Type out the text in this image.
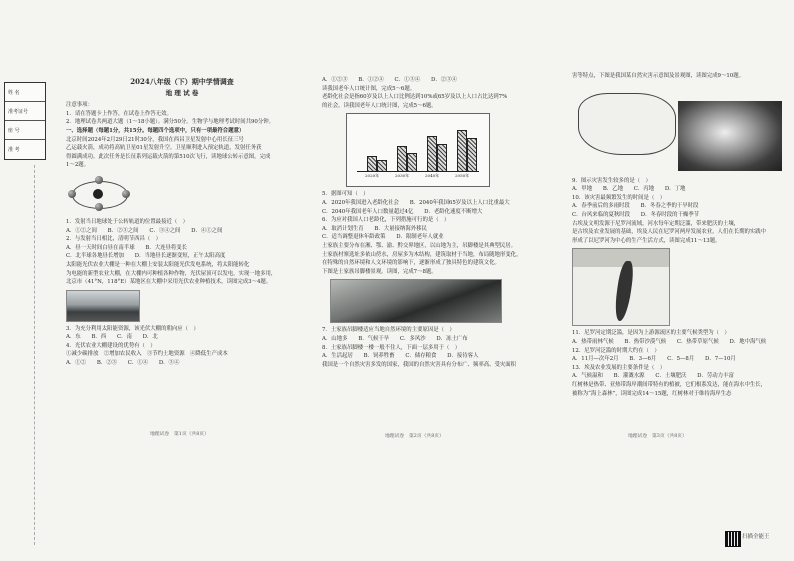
姓 名
准考证号
座 号
准 考
2024八年级（下）期中学情调查
地 理 试 卷
注意事项：
1．请在答题卡上作答，在试卷上作答无效。
2．地理试卷共两道大题（1～18小题）。满分50分。生物学与地理考试时间共90分钟。
一、选择题（每题1分，共15分。每题四个选项中，只有一项最符合题意）
北京时间2024年2月29日21时30分，我国在西昌卫星发射中心用长征三号
乙运载火箭，成功将高轨卫星01星发射升空。卫星顺利进入预定轨道，发射任务获
得圆满成功。此次任务是长征系列运载火箭的第510次飞行，读地球公转示意图，完成
1～2题。
1．发射当日地球处于公转轨道的位置最接近（　）
A．①②之间　　B．②③之间　　C．③④之间　　D．④①之间
2．与发射当日相比，清明节西昌（　）
A．昼一天时间白昼在南半球　　B．大连昼将变长
C．北半球各地昼长增加　　D．当地昼长逐渐变短，正午太阳高度
太阳能光伏农业大棚是一种在大棚上安装太阳能光伏发电系统，将太阳能转化
为电能的新型农业大棚，在大棚内可种植各种作物，光伏屋顶可以发电，实现一地多用，
北京市（41°N，118°E）某地区在大棚中采用光伏农业种植技术，读图完成3～4题。
3．为充分利用太阳能资源，该光伏大棚的朝向应（　）
A．东　　B．西　　C．南　　D．北
4．光伏农业大棚建设的优势有（　）
①减少碳排放　②增加农民收入　③节约土地资源　④降低生产成本
A．①②　　B．②③　　C．①④　　D．③④
地理试卷　第1页（共8页）
A．①②③　　B．①②④　　C．①③④　　D．②③④
读我国老年人口统计图，完成5～6题。
老龄化社会是指60岁及以上人口比例达到10%或65岁及以上人口占比达到7%
的社会，读我国老年人口统计图，完成5～6题。
2020年	2030年	2040年	2050年
5．据图可知（　）
A．2020年我国进入老龄化社会　　B．2040年我国65岁及以上人口比重最大
C．2040年我国老年人口数量超过4亿　　D．老龄化速度不断增大
6．为应对我国人口老龄化，下列措施可行的是（　）
A．取消计划生育　　B．大量接纳海外移民
C．适当调整退休年龄政策　　D．限制老年人就业
土家族主要分布在湘、鄂、渝、黔交界地区，以山地为主，吊脚楼是其典型民居。
土家族村寨选址多依山傍水，房屋多为木结构，建筑取材于当地，布局随地形变化，
在特殊的自然环境和人文环境的影响下，逐渐形成了独具特色的建筑文化。
下图是土家族吊脚楼景观。读图，完成7～8题。
7．土家族吊脚楼适应当地自然环境的主要原因是（　）
A．山地多　　B．气候干旱　　C．多风沙　　D．冻土广布
8．土家族吊脚楼一楼一般不住人，下面一层多用于（　）
A．生活起居　　B．饲养牲畜　　C．储存粮食　　D．接待客人
我国是一个自然灾害多发的国家，我国的自然灾害具有分布广、频率高、受灾面积
地理试卷　第2页（共8页）
害等特点，下图是我国某自然灾害示意图及景观图，读图完成9～10题。
9．图示灾害发生较多的是（　）
A．甲地　　B．乙地　　C．丙地　　D．丁地
10．该灾害最频繁发生的时间是（　）
A．春季前后的多雨时段　　B．冬春之季的干旱时段
C．台风来临的夏秋时段　　D．冬春时段的干燥季节
古埃及文明发源于尼罗河流域，河水每年定期泛滥，带来肥沃的土壤，
是古埃及农业发展的基础，埃及人民在尼罗河两岸发展农业，人们在长期的实践中
形成了以尼罗河为中心的生产生活方式，读图完成11～13题。
11．尼罗河定期泛滥，是因为上游源流区的主要气候类型为（　）
A．热带雨林气候　　B．热带沙漠气候　　C．热带草原气候　　D．地中海气候
12．尼罗河泛滥的时期大约在（　）
A．11月—次年2月　　B．3—6月　　C．5—8月　　D．7—10月
13．埃及农业发展的主要条件是（　）
A．气候温和　　B．灌溉水源　　C．土壤肥沃　　D．劳动力丰富
红树林是热带、亚热带海岸潮间带特有的植被，它们根系发达，能在海水中生长，
被称为“海上森林”，读图完成14～15题，红树林对于维持海岸生态
地理试卷　第3页（共8页）
扫描全能王
